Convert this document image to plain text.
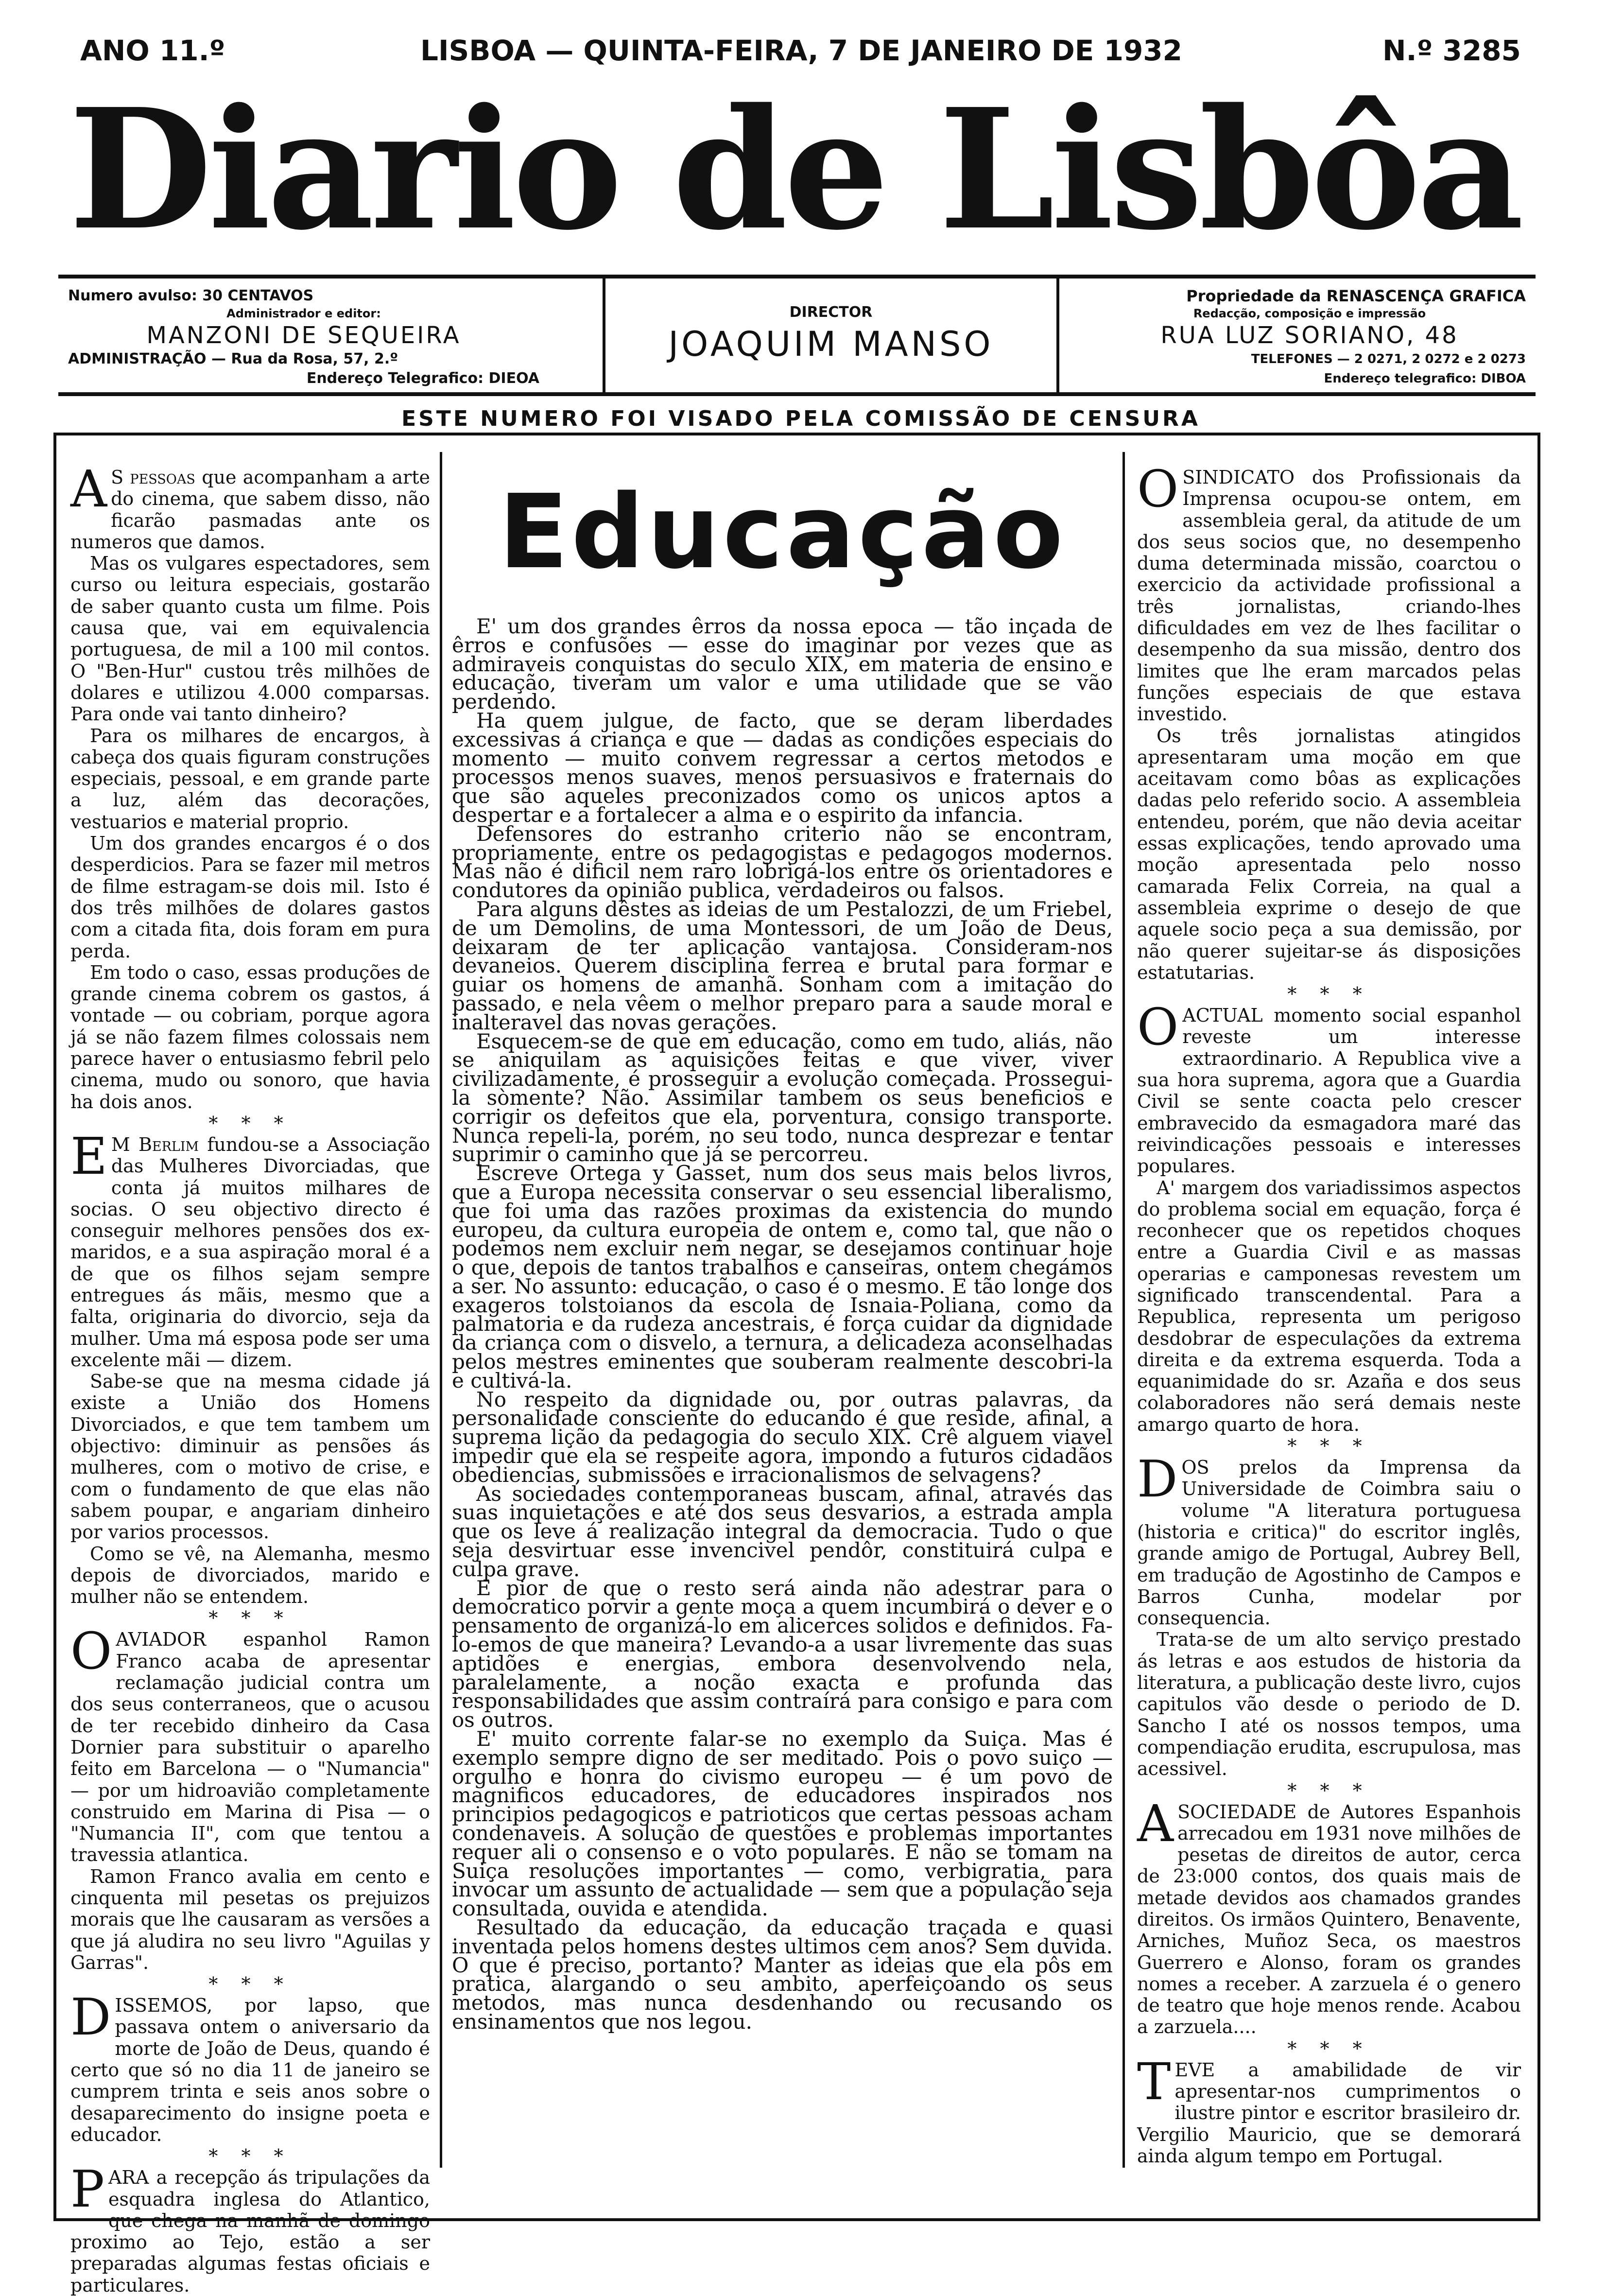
ANO 11.º	LISBOA — QUINTA-FEIRA, 7 DE JANEIRO DE 1932	N.º 3285
Diario de Lisbôa
Numero avulso: 30 CENTAVOS
Administrador e editor:
MANZONI DE SEQUEIRA
ADMINISTRAÇÃO — Rua da Rosa, 57, 2.º
Endereço Telegrafico: DIEOA
DIRECTOR
JOAQUIM MANSO
Propriedade da RENASCENÇA GRAFICA
Redacção, composição e impressão
RUA LUZ SORIANO, 48
TELEFONES — 2 0271, 2 0272 e 2 0273
Endereço telegrafico: DIBOA
ESTE NUMERO FOI VISADO PELA COMISSÃO DE CENSURA

A S pessoas que acompanham a arte do cinema, que sabem disso, não ficarão pasmadas ante os numeros que damos.

Mas os vulgares espectadores, sem curso ou leitura especiais, gostarão de saber quanto custa um filme. Pois causa que, vai em equivalencia portuguesa, de mil a 100 mil contos. O "Ben-Hur" custou três milhões de dolares e utilizou 4.000 comparsas. Para onde vai tanto dinheiro?

Para os milhares de encargos, à cabeça dos quais figuram construções especiais, pessoal, e em grande parte a luz, além das decorações, vestuarios e material proprio.

Um dos grandes encargos é o dos desperdicios. Para se fazer mil metros de filme estragam-se dois mil. Isto é dos três milhões de dolares gastos com a citada fita, dois foram em pura perda.

Em todo o caso, essas produções de grande cinema cobrem os gastos, á vontade — ou cobriam, porque agora já se não fazem filmes colossais nem parece haver o entusiasmo febril pelo cinema, mudo ou sonoro, que havia ha dois anos.

* * *

E M Berlim fundou-se a Associação das Mulheres Divorciadas, que conta já muitos milhares de socias. O seu objectivo directo é conseguir melhores pensões dos ex-maridos, e a sua aspiração moral é a de que os filhos sejam sempre entregues ás mãis, mesmo que a falta, originaria do divorcio, seja da mulher. Uma má esposa pode ser uma excelente mãi — dizem.

Sabe-se que na mesma cidade já existe a União dos Homens Divorciados, e que tem tambem um objectivo: diminuir as pensões ás mulheres, com o motivo de crise, e com o fundamento de que elas não sabem poupar, e angariam dinheiro por varios processos.

Como se vê, na Alemanha, mesmo depois de divorciados, marido e mulher não se entendem.

* * *

OAVIADOR espanhol Ramon Franco acaba de apresentar reclamação judicial contra um dos seus conterraneos, que o acusou de ter recebido dinheiro da Casa Dornier para substituir o aparelho feito em Barcelona — o "Numancia" — por um hidroavião completamente construido em Marina di Pisa — o "Numancia II", com que tentou a travessia atlantica.

Ramon Franco avalia em cento e cinquenta mil pesetas os prejuizos morais que lhe causaram as versões a que já aludira no seu livro "Aguilas y Garras".

* * *

DISSEMOS, por lapso, que passava ontem o aniversario da morte de João de Deus, quando é certo que só no dia 11 de janeiro se cumprem trinta e seis anos sobre o desaparecimento do insigne poeta e educador.

* * *

PARA a recepção ás tripulações da esquadra inglesa do Atlantico, que chega na manhã de domingo proximo ao Tejo, estão a ser preparadas algumas festas oficiais e particulares.

Educação

E' um dos grandes êrros da nossa epoca — tão inçada de êrros e confusões — esse do imaginar por vezes que as admiraveis conquistas do seculo XIX, em materia de ensino e educação, tiveram um valor e uma utilidade que se vão perdendo.

Ha quem julgue, de facto, que se deram liberdades excessivas á criança e que — dadas as condições especiais do momento — muito convem regressar a certos metodos e processos menos suaves, menos persuasivos e fraternais do que são aqueles preconizados como os unicos aptos a despertar e a fortalecer a alma e o espirito da infancia.

Defensores do estranho criterio não se encontram, propriamente, entre os pedagogistas e pedagogos modernos. Mas não é dificil nem raro lobrigá-los entre os orientadores e condutores da opinião publica, verdadeiros ou falsos.

Para alguns dêstes as ideias de um Pestalozzi, de um Friebel, de um Demolins, de uma Montessori, de um João de Deus, deixaram de ter aplicação vantajosa. Consideram-nos devaneios. Querem disciplina ferrea e brutal para formar e guiar os homens de amanhã. Sonham com a imitação do passado, e nela vêem o melhor preparo para a saude moral e inalteravel das novas gerações.

Esquecem-se de que em educação, como em tudo, aliás, não se aniquilam as aquisições feitas e que viver, viver civilizadamente, é prosseguir a evolução começada. Prossegui-la sòmente? Não. Assimilar tambem os seus beneficios e corrigir os defeitos que ela, porventura, consigo transporte. Nunca repeli-la, porém, no seu todo, nunca desprezar e tentar suprimir o caminho que já se percorreu.

Escreve Ortega y Gasset, num dos seus mais belos livros, que a Europa necessita conservar o seu essencial liberalismo, que foi uma das razões proximas da existencia do mundo europeu, da cultura europeia de ontem e, como tal, que não o podemos nem excluir nem negar, se desejamos continuar hoje o que, depois de tantos trabalhos e canseiras, ontem chegámos a ser. No assunto: educação, o caso é o mesmo. E tão longe dos exageros tolstoianos da escola de Isnaia-Poliana, como da palmatoria e da rudeza ancestrais, é força cuidar da dignidade da criança com o disvelo, a ternura, a delicadeza aconselhadas pelos mestres eminentes que souberam realmente descobri-la e cultivá-la.

No respeito da dignidade ou, por outras palavras, da personalidade consciente do educando é que reside, afinal, a suprema lição da pedagogia do seculo XIX. Crê alguem viavel impedir que ela se respeite agora, impondo a futuros cidadãos obediencias, submissões e irracionalismos de selvagens?

As sociedades contemporaneas buscam, afinal, através das suas inquietações e até dos seus desvarios, a estrada ampla que os leve á realização integral da democracia. Tudo o que seja desvirtuar esse invencivel pendôr, constituirá culpa e culpa grave.

E pior de que o resto será ainda não adestrar para o democratico porvir a gente moça a quem incumbirá o dever e o pensamento de organizá-lo em alicerces solidos e definidos. Fa-lo-emos de que maneira? Levando-a a usar livremente das suas aptidões e energias, embora desenvolvendo nela, paralelamente, a noção exacta e profunda das responsabilidades que assim contraírá para consigo e para com os outros.

E' muito corrente falar-se no exemplo da Suiça. Mas é exemplo sempre digno de ser meditado. Pois o povo suiço — orgulho e honra do civismo europeu — é um povo de magnificos educadores, de educadores inspirados nos principios pedagogicos e patrioticos que certas pessoas acham condenaveis. A solução de questões e problemas importantes requer ali o consenso e o voto populares. E não se tomam na Suiça resoluções importantes — como, verbigratia, para invocar um assunto de actualidade — sem que a população seja consultada, ouvida e atendida.

Resultado da educação, da educação traçada e quasi inventada pelos homens destes ultimos cem anos? Sem duvida. O que é preciso, portanto? Manter as ideias que ela pôs em pratica, alargando o seu ambito, aperfeiçoando os seus metodos, mas nunca desdenhando ou recusando os ensinamentos que nos legou.

OSINDICATO dos Profissionais da Imprensa ocupou-se ontem, em assembleia geral, da atitude de um dos seus socios que, no desempenho duma determinada missão, coarctou o exercicio da actividade profissional a três jornalistas, criando-lhes dificuldades em vez de lhes facilitar o desempenho da sua missão, dentro dos limites que lhe eram marcados pelas funções especiais de que estava investido.

Os três jornalistas atingidos apresentaram uma moção em que aceitavam como bôas as explicações dadas pelo referido socio. A assembleia entendeu, porém, que não devia aceitar essas explicações, tendo aprovado uma moção apresentada pelo nosso camarada Felix Correia, na qual a assembleia exprime o desejo de que aquele socio peça a sua demissão, por não querer sujeitar-se ás disposições estatutarias.

* * *

OACTUAL momento social espanhol reveste um interesse extraordinario. A Republica vive a sua hora suprema, agora que a Guardia Civil se sente coacta pelo crescer embravecido da esmagadora maré das reivindicações pessoais e interesses populares.

A' margem dos variadissimos aspectos do problema social em equação, força é reconhecer que os repetidos choques entre a Guardia Civil e as massas operarias e camponesas revestem um significado transcendental. Para a Republica, representa um perigoso desdobrar de especulações da extrema direita e da extrema esquerda. Toda a equanimidade do sr. Azaña e dos seus colaboradores não será demais neste amargo quarto de hora.

* * *

DOS prelos da Imprensa da Universidade de Coimbra saiu o volume "A literatura portuguesa (historia e critica)" do escritor inglês, grande amigo de Portugal, Aubrey Bell, em tradução de Agostinho de Campos e Barros Cunha, modelar por consequencia.

Trata-se de um alto serviço prestado ás letras e aos estudos de historia da literatura, a publicação deste livro, cujos capitulos vão desde o periodo de D. Sancho I até os nossos tempos, uma compendiação erudita, escrupulosa, mas acessivel.

* * *

ASOCIEDADE de Autores Espanhois arrecadou em 1931 nove milhões de pesetas de direitos de autor, cerca de 23:000 contos, dos quais mais de metade devidos aos chamados grandes direitos. Os irmãos Quintero, Benavente, Arniches, Muñoz Seca, os maestros Guerrero e Alonso, foram os grandes nomes a receber. A zarzuela é o genero de teatro que hoje menos rende. Acabou a zarzuela....

* * *

TEVE a amabilidade de vir apresentar-nos cumprimentos o ilustre pintor e escritor brasileiro dr. Vergilio Mauricio, que se demorará ainda algum tempo em Portugal.
